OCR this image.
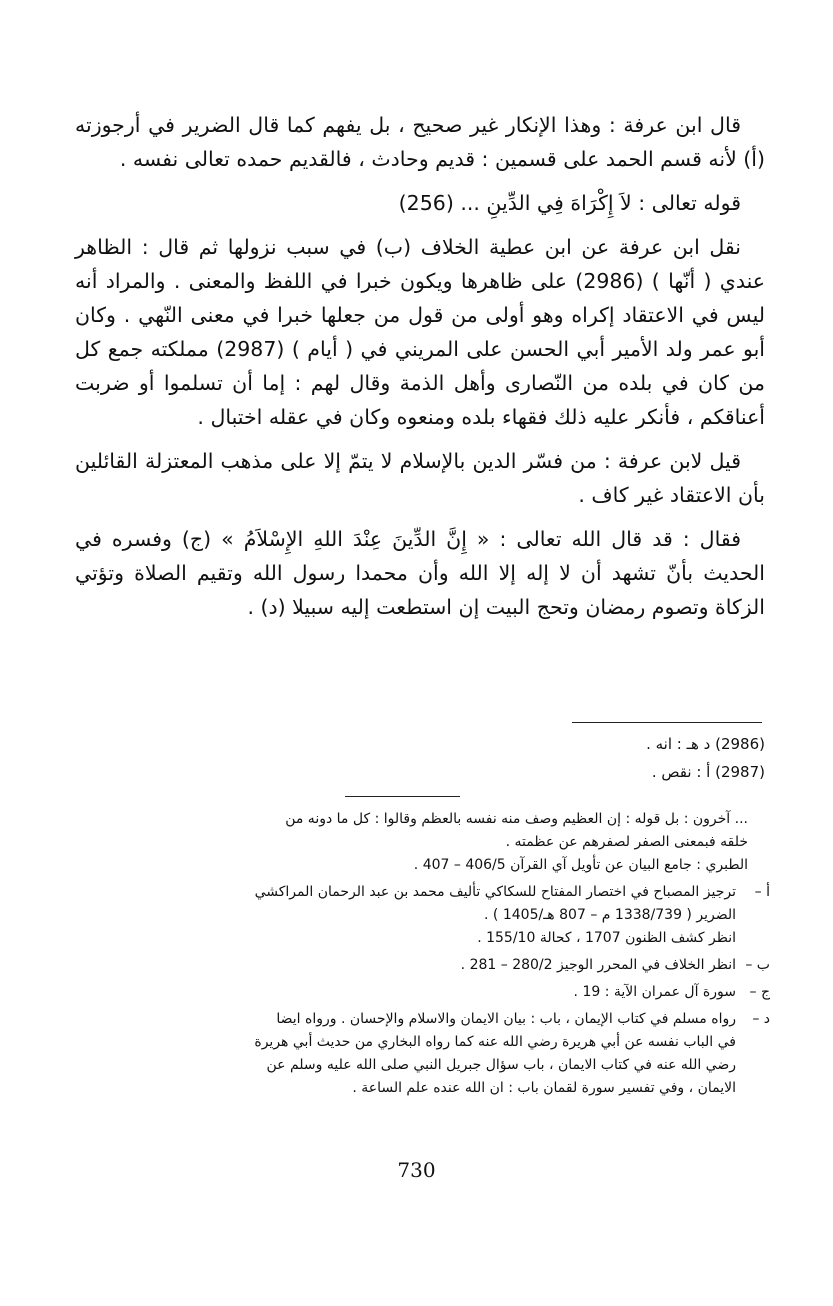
قال ابن عرفة : وهذا الإنكار غير صحيح ، بل يفهم كما قال الضرير في أرجوزته (أ) لأنه قسم الحمد على قسمين : قديم وحادث ، فالقديم حمده تعالى نفسه .

قوله تعالى : لاَ إِكْرَاهَ فِي الدِّينِ ... (256)

نقل ابن عرفة عن ابن عطية الخلاف (ب) في سبب نزولها ثم قال : الظاهر عندي ( أنّها ) (2986) على ظاهرها ويكون خبرا في اللفظ والمعنى . والمراد أنه ليس في الاعتقاد إكراه وهو أولى من قول من جعلها خبرا في معنى النّهي . وكان أبو عمر ولد الأمير أبي الحسن على المريني في ( أيام ) (2987) مملكته جمع كل من كان في بلده من النّصارى وأهل الذمة وقال لهم : إما أن تسلموا أو ضربت أعناقكم ، فأنكر عليه ذلك فقهاء بلده ومنعوه وكان في عقله اختبال .

قيل لابن عرفة : من فسّر الدين بالإسلام لا يتمّ إلا على مذهب المعتزلة القائلين بأن الاعتقاد غير كاف .

فقال : قد قال الله تعالى : « إِنَّ الدِّينَ عِنْدَ اللهِ الإِسْلاَمُ » (ج) وفسره في الحديث بأنّ تشهد أن لا إله إلا الله وأن محمدا رسول الله وتقيم الصلاة وتؤتي الزكاة وتصوم رمضان وتحج البيت إن استطعت إليه سبيلا (د) .

(2986) د هـ : انه .
(2987) أ : نقص .
... آخرون : بل قوله : إن العظيم وصف منه نفسه بالعظم وقالوا : كل ما دونه من
خلقه فبمعنى الصفر لصفرهم عن عظمته .
الطبري : جامع البيان عن تأويل آي القرآن 406/5 – 407 .
أ –
ترجيز المصباح في اختصار المفتاح للسكاكي تأليف محمد بن عبد الرحمان المراكشي
الضرير ( 1338/739 م – 807 هـ/1405 ) .
انظر كشف الظنون 1707 ، كحالة 155/10 .
ب –
انظر الخلاف في المحرر الوجيز 280/2 – 281 .
ج –
سورة آل عمران الآية : 19 .
د –
رواه مسلم في كتاب الإيمان ، باب : بيان الايمان والاسلام والإحسان . ورواه ايضا
في الباب نفسه عن أبي هريرة رضي الله عنه كما رواه البخاري من حديث أبي هريرة
رضي الله عنه في كتاب الايمان ، باب سؤال جبريل النبي صلى الله عليه وسلم عن
الايمان ، وفي تفسير سورة لقمان باب : ان الله عنده علم الساعة .
730
